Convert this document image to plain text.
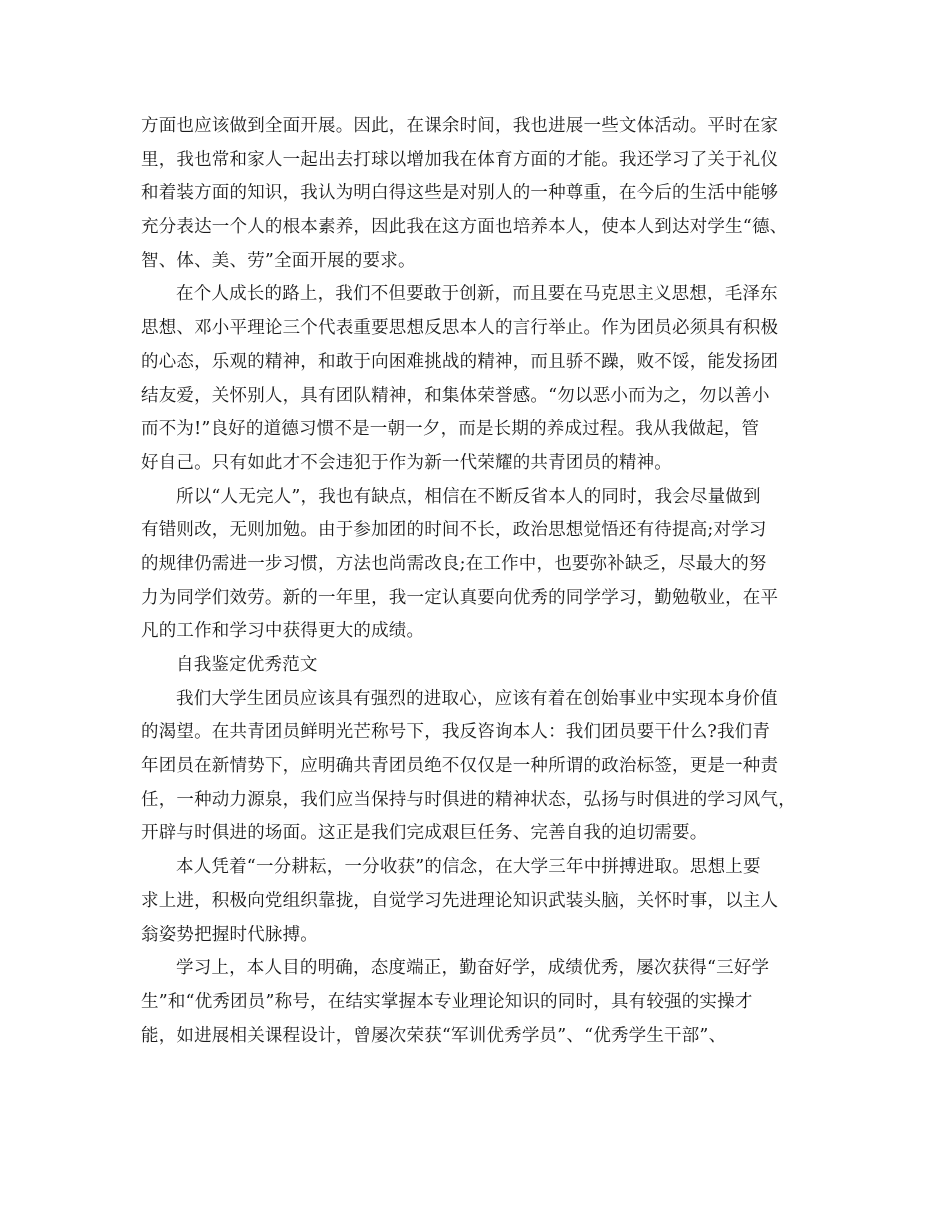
方面也应该做到全面开展。因此，在课余时间，我也进展一些文体活动。平时在家
里，我也常和家人一起出去打球以增加我在体育方面的才能。我还学习了关于礼仪
和着装方面的知识，我认为明白得这些是对别人的一种尊重，在今后的生活中能够
充分表达一个人的根本素养，因此我在这方面也培养本人，使本人到达对学生“德、
智、体、美、劳”全面开展的要求。
在个人成长的路上，我们不但要敢于创新，而且要在马克思主义思想，毛泽东
思想、邓小平理论三个代表重要思想反思本人的言行举止。作为团员必须具有积极
的心态，乐观的精神，和敢于向困难挑战的精神，而且骄不躁，败不馁，能发扬团
结友爱，关怀别人，具有团队精神，和集体荣誉感。“勿以恶小而为之，勿以善小
而不为!”良好的道德习惯不是一朝一夕，而是长期的养成过程。我从我做起，管
好自己。只有如此才不会违犯于作为新一代荣耀的共青团员的精神。
所以“人无完人”，我也有缺点，相信在不断反省本人的同时，我会尽量做到
有错则改，无则加勉。由于参加团的时间不长，政治思想觉悟还有待提高;对学习
的规律仍需进一步习惯，方法也尚需改良;在工作中，也要弥补缺乏，尽最大的努
力为同学们效劳。新的一年里，我一定认真要向优秀的同学学习，勤勉敬业，在平
凡的工作和学习中获得更大的成绩。
自我鉴定优秀范文
我们大学生团员应该具有强烈的进取心，应该有着在创始事业中实现本身价值
的渴望。在共青团员鲜明光芒称号下，我反咨询本人：我们团员要干什么?我们青
年团员在新情势下，应明确共青团员绝不仅仅是一种所谓的政治标签，更是一种责
任，一种动力源泉，我们应当保持与时俱进的精神状态，弘扬与时俱进的学习风气，
开辟与时俱进的场面。这正是我们完成艰巨任务、完善自我的迫切需要。
本人凭着“一分耕耘，一分收获”的信念，在大学三年中拼搏进取。思想上要
求上进，积极向党组织靠拢，自觉学习先进理论知识武装头脑，关怀时事，以主人
翁姿势把握时代脉搏。
学习上，本人目的明确，态度端正，勤奋好学，成绩优秀，屡次获得“三好学
生”和“优秀团员”称号，在结实掌握本专业理论知识的同时，具有较强的实操才
能，如进展相关课程设计，曾屡次荣获“军训优秀学员”、“优秀学生干部”、
